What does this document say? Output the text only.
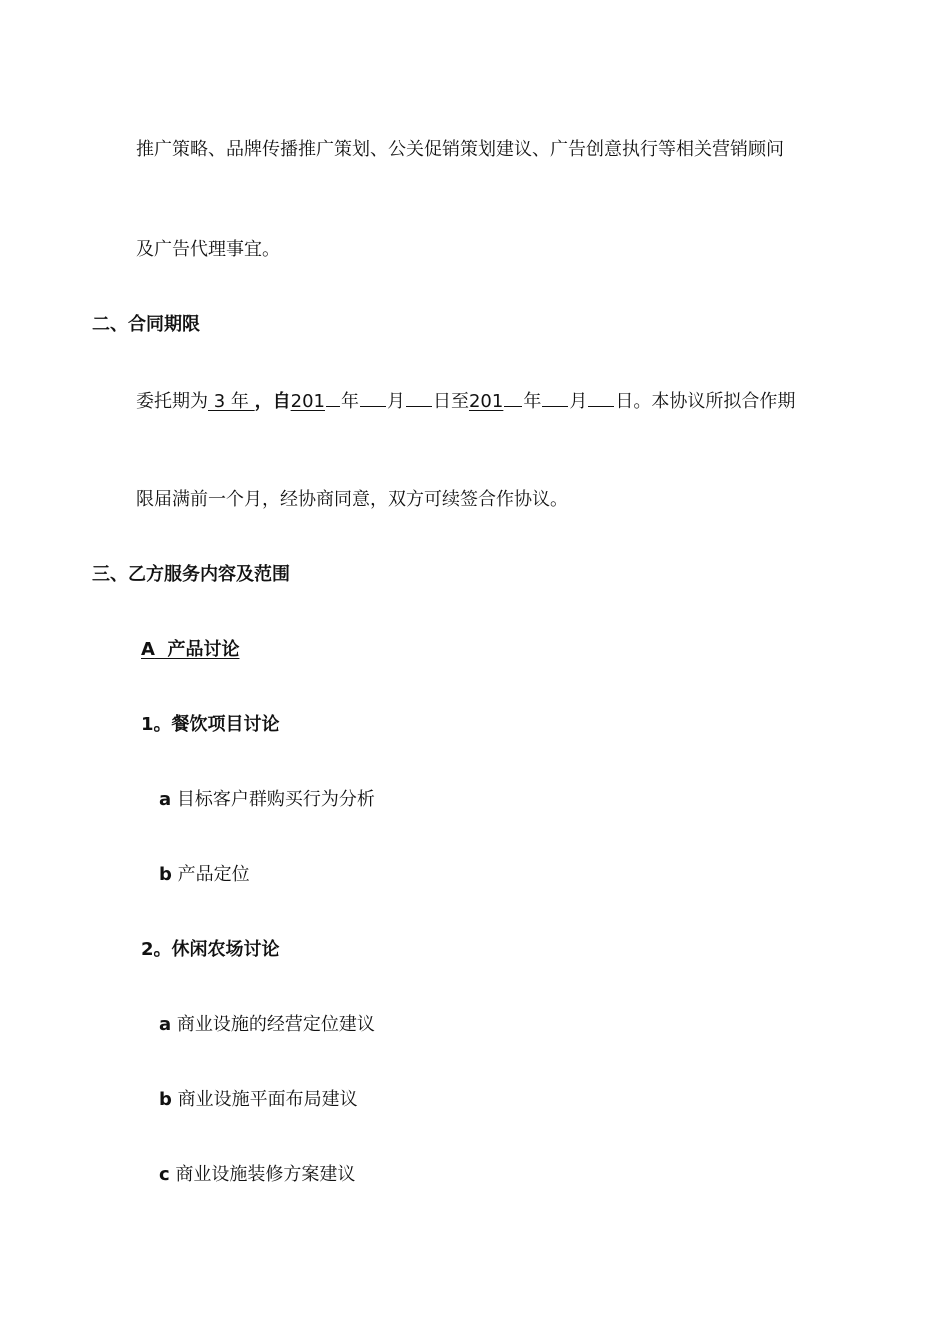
推广策略、品牌传播推广策划、公关促销策划建议、广告创意执行等相关营销顾问
及广告代理事宜。
二、合同期限
委托期为 3 年 ，自201 年 月 日至201 年 月 日。本协议所拟合作期
限届满前一个月，经协商同意，双方可续签合作协议。
三、乙方服务内容及范围
A 产品讨论
1。餐饮项目讨论
a 目标客户群购买行为分析
b 产品定位
2。休闲农场讨论
a 商业设施的经营定位建议
b 商业设施平面布局建议
c 商业设施装修方案建议
